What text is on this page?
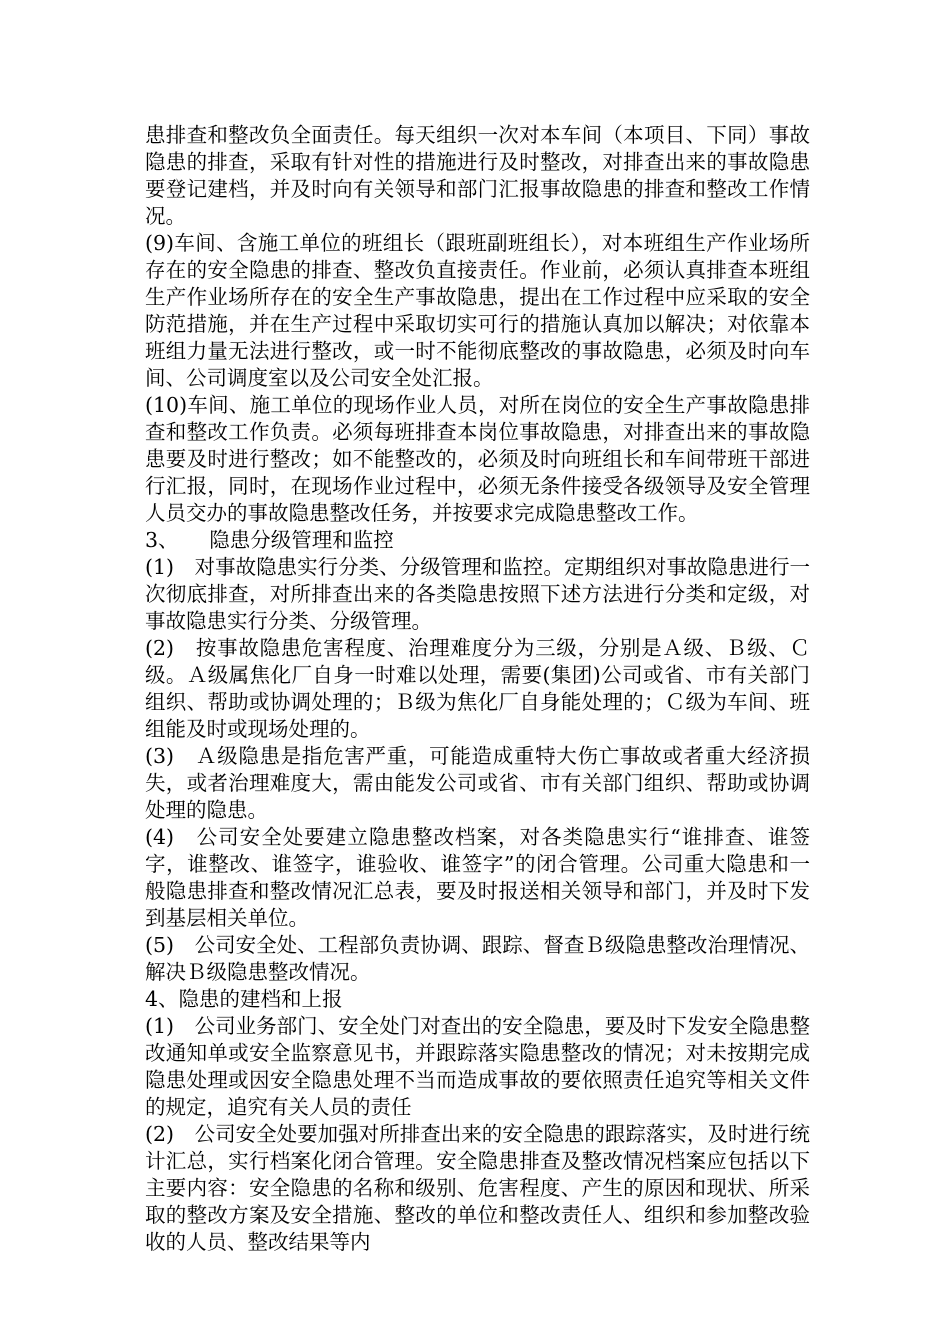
患排查和整改负全面责任。每天组织一次对本车间（本项目、下同）事故隐患的排查，采取有针对性的措施进行及时整改，对排查出来的事故隐患要登记建档，并及时向有关领导和部门汇报事故隐患的排查和整改工作情况。

(9)车间、含施工单位的班组长（跟班副班组长），对本班组生产作业场所存在的安全隐患的排查、整改负直接责任。作业前，必须认真排查本班组生产作业场所存在的安全生产事故隐患，提出在工作过程中应采取的安全防范措施，并在生产过程中采取切实可行的措施认真加以解决；对依靠本班组力量无法进行整改，或一时不能彻底整改的事故隐患，必须及时向车间、公司调度室以及公司安全处汇报。

(10)车间、施工单位的现场作业人员，对所在岗位的安全生产事故隐患排查和整改工作负责。必须每班排查本岗位事故隐患，对排查出来的事故隐患要及时进行整改；如不能整改的，必须及时向班组长和车间带班干部进行汇报，同时，在现场作业过程中，必须无条件接受各级领导及安全管理人员交办的事故隐患整改任务，并按要求完成隐患整改工作。

3、　　隐患分级管理和监控

(1)　对事故隐患实行分类、分级管理和监控。定期组织对事故隐患进行一次彻底排查，对所排查出来的各类隐患按照下述方法进行分类和定级，对事故隐患实行分类、分级管理。

(2)　按事故隐患危害程度、治理难度分为三级，分别是Ａ级、Ｂ级、Ｃ级。Ａ级属焦化厂自身一时难以处理，需要(集团)公司或省、市有关部门组织、帮助或协调处理的；Ｂ级为焦化厂自身能处理的；Ｃ级为车间、班组能及时或现场处理的。

(3)　Ａ级隐患是指危害严重，可能造成重特大伤亡事故或者重大经济损失，或者治理难度大，需由能发公司或省、市有关部门组织、帮助或协调处理的隐患。

(4)　公司安全处要建立隐患整改档案，对各类隐患实行“谁排查、谁签字，谁整改、谁签字，谁验收、谁签字”的闭合管理。公司重大隐患和一般隐患排查和整改情况汇总表，要及时报送相关领导和部门，并及时下发到基层相关单位。

(5)　公司安全处、工程部负责协调、跟踪、督查Ｂ级隐患整改治理情况、解决Ｂ级隐患整改情况。

4、隐患的建档和上报

(1)　公司业务部门、安全处门对查出的安全隐患，要及时下发安全隐患整改通知单或安全监察意见书，并跟踪落实隐患整改的情况；对未按期完成隐患处理或因安全隐患处理不当而造成事故的要依照责任追究等相关文件的规定，追究有关人员的责任

(2)　公司安全处要加强对所排查出来的安全隐患的跟踪落实，及时进行统计汇总，实行档案化闭合管理。安全隐患排查及整改情况档案应包括以下主要内容：安全隐患的名称和级别、危害程度、产生的原因和现状、所采取的整改方案及安全措施、整改的单位和整改责任人、组织和参加整改验收的人员、整改结果等内
